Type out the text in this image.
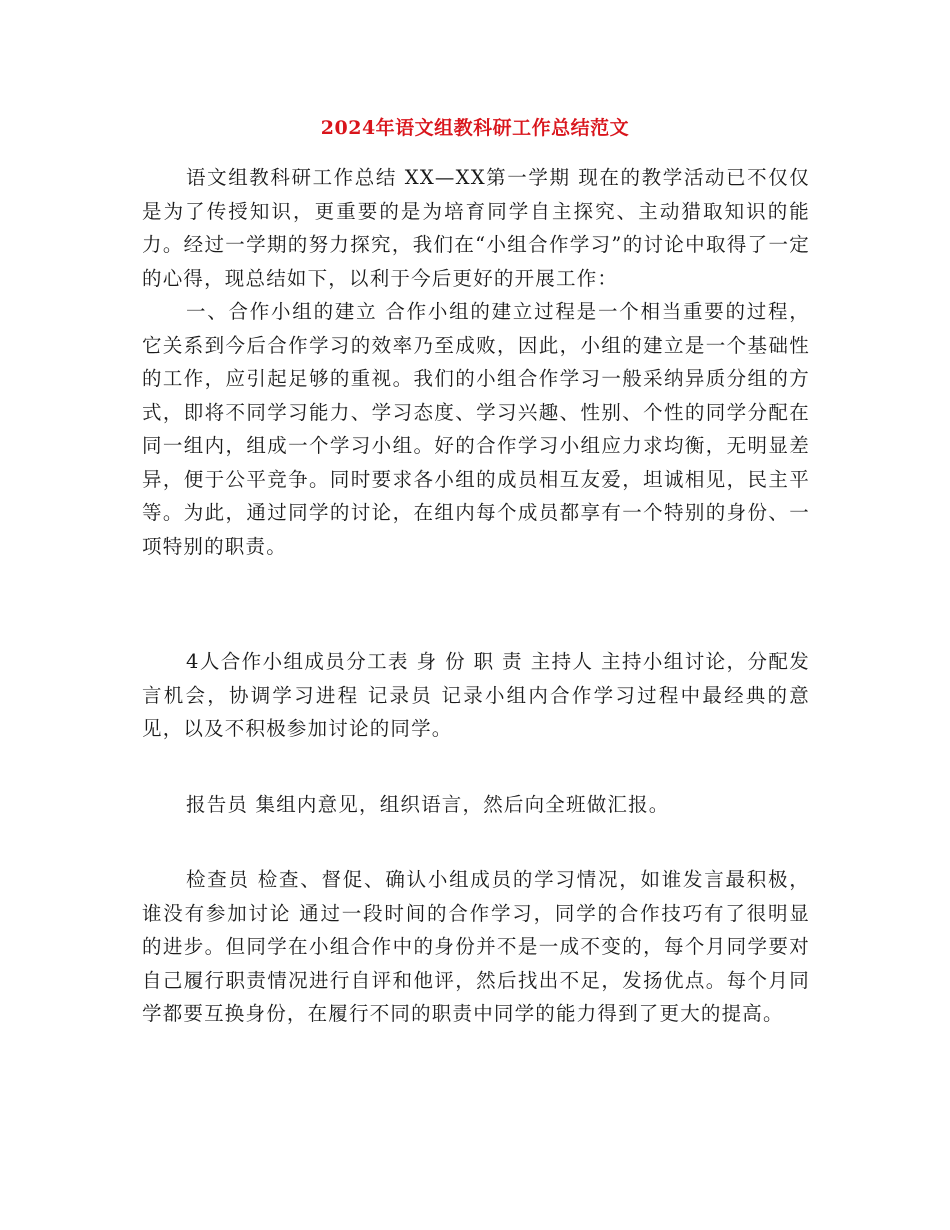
2024年语文组教科研工作总结范文

语文组教科研工作总结 XX—XX第一学期 现在的教学活动已不仅仅是为了传授知识，更重要的是为培育同学自主探究、主动猎取知识的能力。经过一学期的努力探究，我们在“小组合作学习”的讨论中取得了一定的心得，现总结如下，以利于今后更好的开展工作：

一、合作小组的建立 合作小组的建立过程是一个相当重要的过程，它关系到今后合作学习的效率乃至成败，因此，小组的建立是一个基础性的工作，应引起足够的重视。我们的小组合作学习一般采纳异质分组的方式，即将不同学习能力、学习态度、学习兴趣、性别、个性的同学分配在同一组内，组成一个学习小组。好的合作学习小组应力求均衡，无明显差异，便于公平竞争。同时要求各小组的成员相互友爱，坦诚相见，民主平等。为此，通过同学的讨论，在组内每个成员都享有一个特别的身份、一项特别的职责。

4人合作小组成员分工表 身 份 职 责 主持人 主持小组讨论，分配发言机会，协调学习进程 记录员 记录小组内合作学习过程中最经典的意见，以及不积极参加讨论的同学。

报告员 集组内意见，组织语言，然后向全班做汇报。

检查员 检查、督促、确认小组成员的学习情况，如谁发言最积极，谁没有参加讨论 通过一段时间的合作学习，同学的合作技巧有了很明显的进步。但同学在小组合作中的身份并不是一成不变的，每个月同学要对自己履行职责情况进行自评和他评，然后找出不足，发扬优点。每个月同学都要互换身份，在履行不同的职责中同学的能力得到了更大的提高。
